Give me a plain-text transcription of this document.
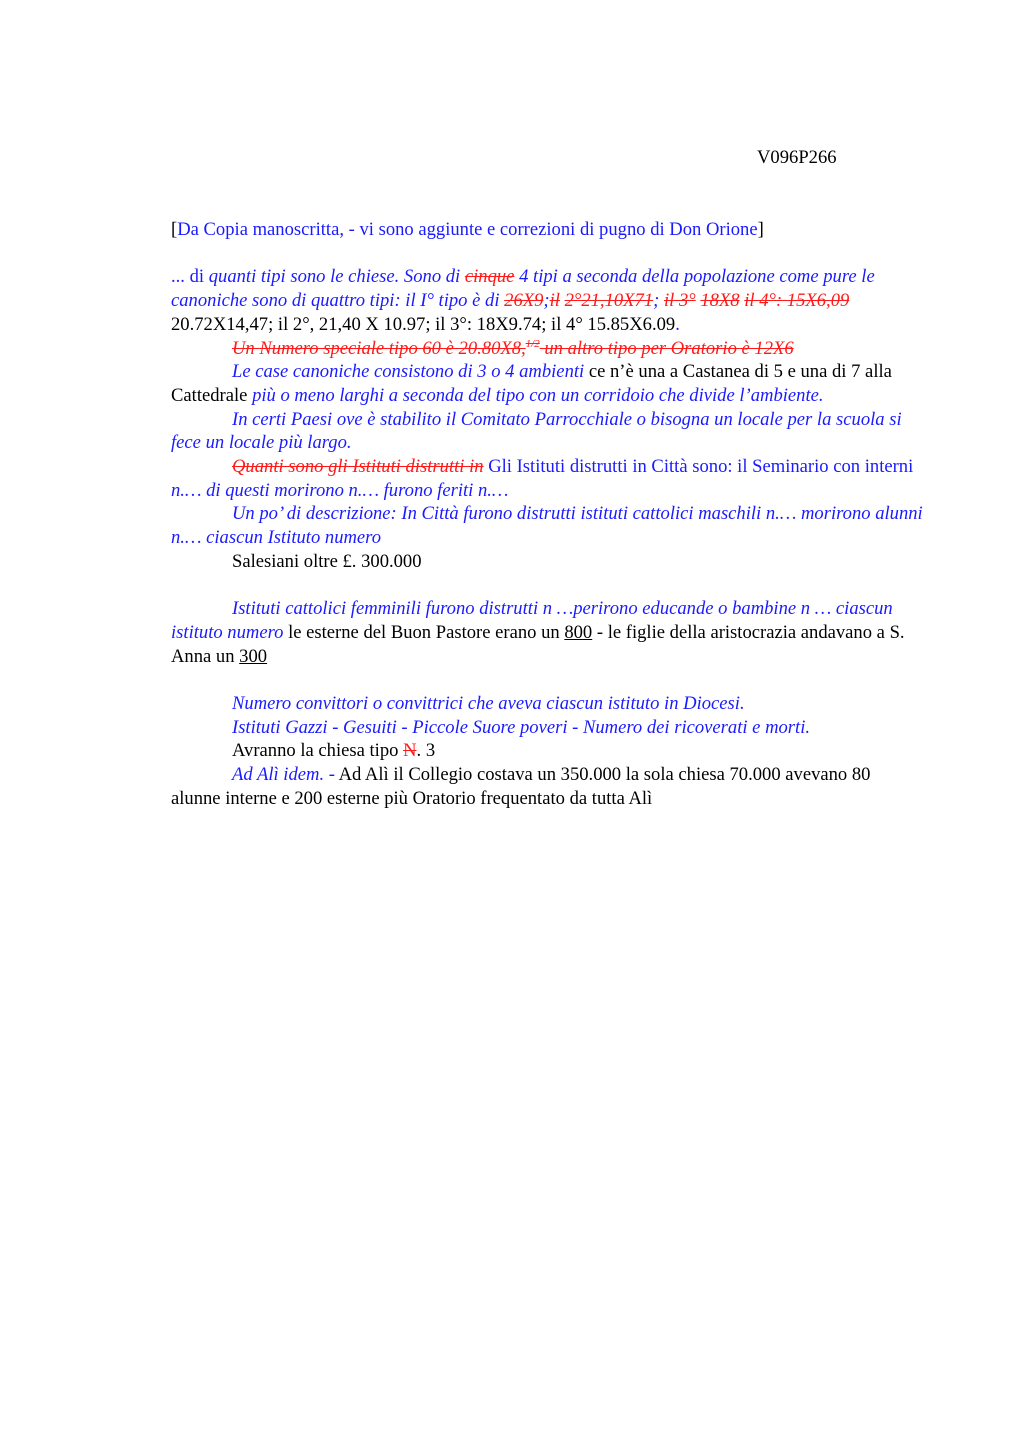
V096P266

[Da Copia manoscritta, - vi sono aggiunte e correzioni di pugno di Don Orione]

... di quanti tipi sono le chiese. Sono di cinque 4 tipi a seconda della popolazione come pure le canoniche sono di quattro tipi: il I° tipo è di 26X9;il 2°21,10X71; il 3° 18X8 il 4°: 15X6,09 20.72X14,47; il 2°, 21,40 X 10.97; il 3°: 18X9.74; il 4° 15.85X6.09.

Un Numero speciale tipo 60 è 20.80X8,$^{1/2}$ un altro tipo per Oratorio è 12X6

Le case canoniche consistono di 3 o 4 ambienti ce n’è una a Castanea di 5 e una di 7 alla Cattedrale più o meno larghi a seconda del tipo con un corridoio che divide l’ambiente.

In certi Paesi ove è stabilito il Comitato Parrocchiale o bisogna un locale per la scuola si fece un locale più largo.

Quanti sono gli Istituti distrutti in Gli Istituti distrutti in Città sono: il Seminario con interni n.… di questi morirono n.… furono feriti n.…

Un po’ di descrizione: In Città furono distrutti istituti cattolici maschili n.… morirono alunni n.… ciascun Istituto numero

Salesiani oltre £. 300.000

Istituti cattolici femminili furono distrutti n …perirono educande o bambine n … ciascun istituto numero le esterne del Buon Pastore erano un 800 - le figlie della aristocrazia andavano a S. Anna un 300

Numero convittori o convittrici che aveva ciascun istituto in Diocesi.

Istituti Gazzi - Gesuiti - Piccole Suore poveri - Numero dei ricoverati e morti.

Avranno la chiesa tipo N. 3

Ad Alì idem. - Ad Alì il Collegio costava un 350.000 la sola chiesa 70.000 avevano 80 alunne interne e 200 esterne più Oratorio frequentato da tutta Alì
